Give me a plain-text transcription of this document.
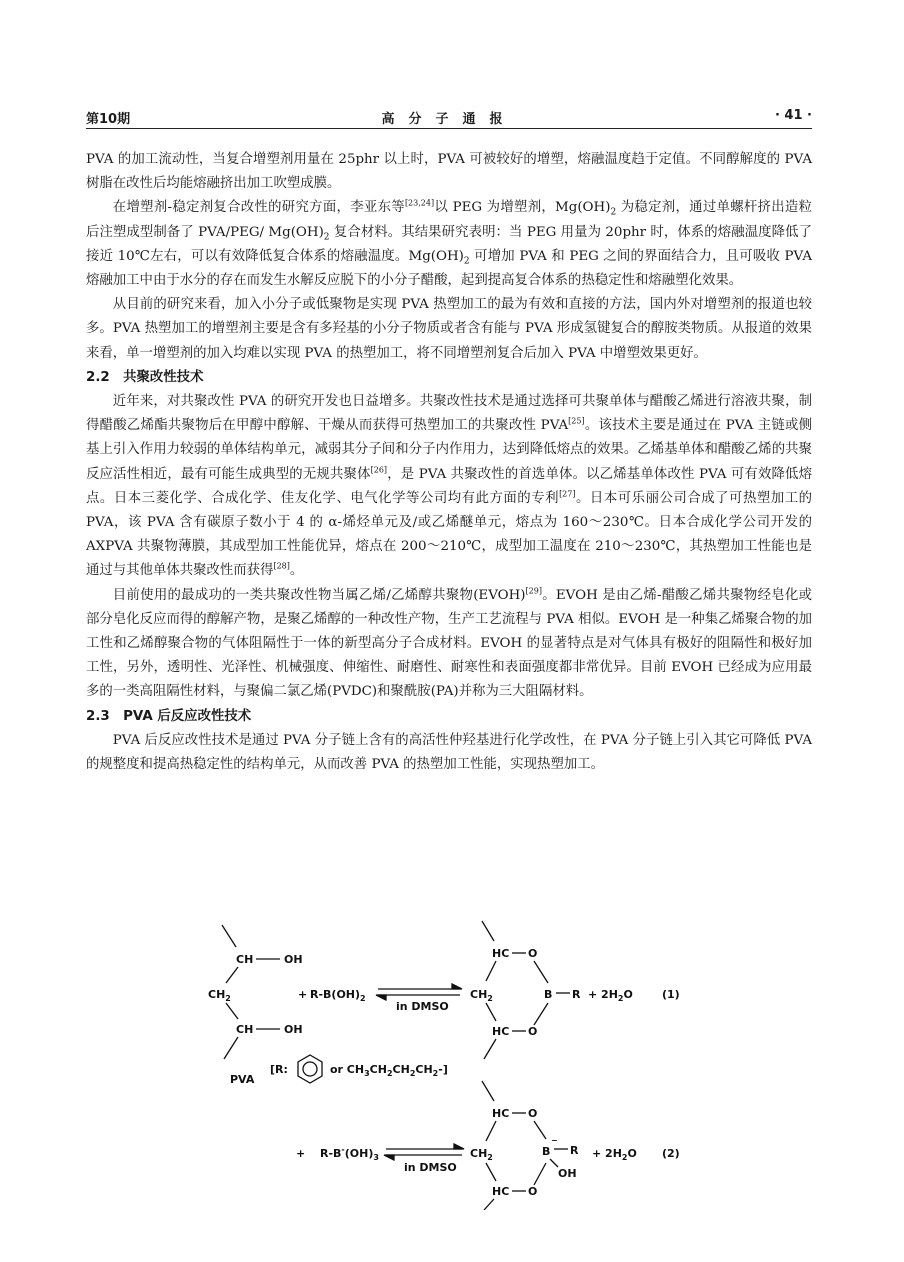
第10期	高分子通报	· 41 ·

PVA 的加工流动性，当复合增塑剂用量在 25phr 以上时，PVA 可被较好的增塑，熔融温度趋于定值。不同醇解度的 PVA 树脂在改性后均能熔融挤出加工吹塑成膜。

在增塑剂-稳定剂复合改性的研究方面，李亚东等[23,24]以 PEG 为增塑剂，$Mg(OH)_2$ 为稳定剂，通过单螺杆挤出造粒后注塑成型制备了 PVA/PEG/ $Mg(OH)_2$ 复合材料。其结果研究表明：当 PEG 用量为 20phr 时，体系的熔融温度降低了接近 10℃左右，可以有效降低复合体系的熔融温度。$Mg(OH)_2$ 可增加 PVA 和 PEG 之间的界面结合力，且可吸收 PVA 熔融加工中由于水分的存在而发生水解反应脱下的小分子醋酸，起到提高复合体系的热稳定性和熔融塑化效果。

从目前的研究来看，加入小分子或低聚物是实现 PVA 热塑加工的最为有效和直接的方法，国内外对增塑剂的报道也较多。PVA 热塑加工的增塑剂主要是含有多羟基的小分子物质或者含有能与 PVA 形成氢键复合的醇胺类物质。从报道的效果来看，单一增塑剂的加入均难以实现 PVA 的热塑加工，将不同增塑剂复合后加入 PVA 中增塑效果更好。

2.2　共聚改性技术

近年来，对共聚改性 PVA 的研究开发也日益增多。共聚改性技术是通过选择可共聚单体与醋酸乙烯进行溶液共聚，制得醋酸乙烯酯共聚物后在甲醇中醇解、干燥从而获得可热塑加工的共聚改性 PVA[25]。该技术主要是通过在 PVA 主链或侧基上引入作用力较弱的单体结构单元，减弱其分子间和分子内作用力，达到降低熔点的效果。乙烯基单体和醋酸乙烯的共聚反应活性相近，最有可能生成典型的无规共聚体[26]，是 PVA 共聚改性的首选单体。以乙烯基单体改性 PVA 可有效降低熔点。日本三菱化学、合成化学、佳友化学、电气化学等公司均有此方面的专利[27]。日本可乐丽公司合成了可热塑加工的 PVA，该 PVA 含有碳原子数小于 4 的 α-烯烃单元及/或乙烯醚单元，熔点为 160～230℃。日本合成化学公司开发的 AXPVA 共聚物薄膜，其成型加工性能优异，熔点在 200～210℃，成型加工温度在 210～230℃，其热塑加工性能也是通过与其他单体共聚改性而获得[28]。

目前使用的最成功的一类共聚改性物当属乙烯/乙烯醇共聚物(EVOH)[29]。EVOH 是由乙烯-醋酸乙烯共聚物经皂化或部分皂化反应而得的醇解产物，是聚乙烯醇的一种改性产物，生产工艺流程与 PVA 相似。EVOH 是一种集乙烯聚合物的加工性和乙烯醇聚合物的气体阻隔性于一体的新型高分子合成材料。EVOH 的显著特点是对气体具有极好的阻隔性和极好加工性，另外，透明性、光泽性、机械强度、伸缩性、耐磨性、耐寒性和表面强度都非常优异。目前 EVOH 已经成为应用最多的一类高阻隔性材料，与聚偏二氯乙烯(PVDC)和聚酰胺(PA)并称为三大阻隔材料。

2.3　PVA 后反应改性技术

PVA 后反应改性技术是通过 PVA 分子链上含有的高活性仲羟基进行化学改性，在 PVA 分子链上引入其它可降低 PVA 的规整度和提高热稳定性的结构单元，从而改善 PVA 的热塑加工性能，实现热塑加工。

CH	OH
$CH_2$
CH	OH
+ $R-B(OH)_2$
in DMSO
HC O
$CH_2$	B R
HC O
+ $2H_2O$	(1)
PVA
[R:	or $CH_3CH_2CH_2CH_2-$]
HC O
$CH_2$	B
−
R
OH
HC O
+ $R-B^-(OH)_3$
in DMSO
+ $2H_2O$ (2)
